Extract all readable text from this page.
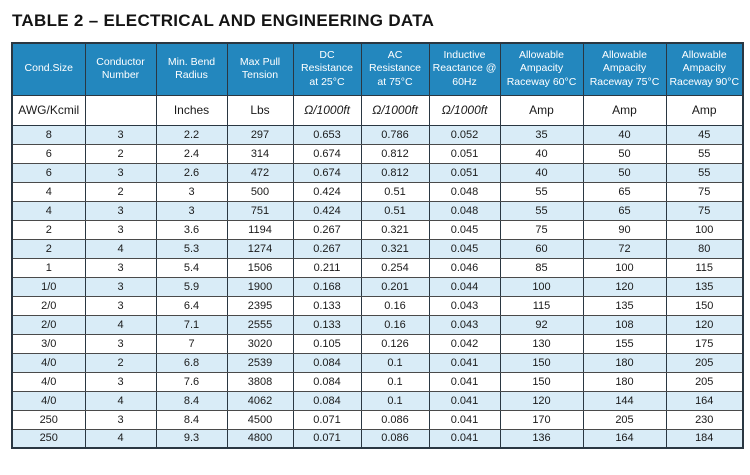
TABLE 2 – ELECTRICAL AND ENGINEERING DATA
Cond.Size	Conductor Number	Min. Bend Radius	Max Pull Tension	DC Resistance at 25°C	AC Resistance at 75°C	Inductive Reactance @ 60Hz	Allowable Ampacity Raceway 60°C	Allowable Ampacity Raceway 75°C	Allowable Ampacity Raceway 90°C
AWG/Kcmil		Inches	Lbs	Ω/1000ft	Ω/1000ft	Ω/1000ft	Amp	Amp	Amp
8	3	2.2	297	0.653	0.786	0.052	35	40	45
6	2	2.4	314	0.674	0.812	0.051	40	50	55
6	3	2.6	472	0.674	0.812	0.051	40	50	55
4	2	3	500	0.424	0.51	0.048	55	65	75
4	3	3	751	0.424	0.51	0.048	55	65	75
2	3	3.6	1194	0.267	0.321	0.045	75	90	100
2	4	5.3	1274	0.267	0.321	0.045	60	72	80
1	3	5.4	1506	0.211	0.254	0.046	85	100	115
1/0	3	5.9	1900	0.168	0.201	0.044	100	120	135
2/0	3	6.4	2395	0.133	0.16	0.043	115	135	150
2/0	4	7.1	2555	0.133	0.16	0.043	92	108	120
3/0	3	7	3020	0.105	0.126	0.042	130	155	175
4/0	2	6.8	2539	0.084	0.1	0.041	150	180	205
4/0	3	7.6	3808	0.084	0.1	0.041	150	180	205
4/0	4	8.4	4062	0.084	0.1	0.041	120	144	164
250	3	8.4	4500	0.071	0.086	0.041	170	205	230
250	4	9.3	4800	0.071	0.086	0.041	136	164	184
